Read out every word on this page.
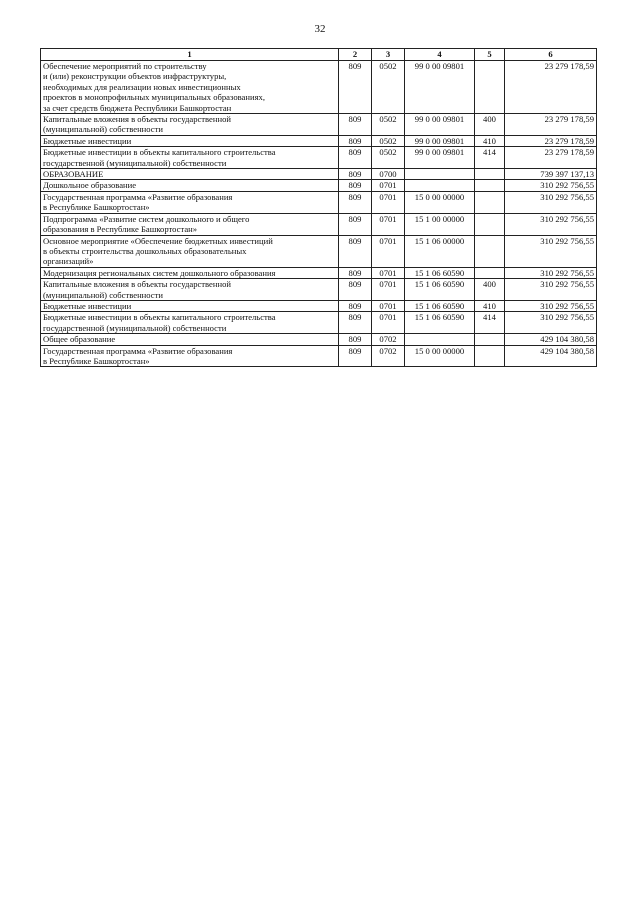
32
1	2	3	4	5	6
Обеспечение мероприятий по строительству
и (или) реконструкции объектов инфраструктуры,
необходимых для реализации новых инвестиционных
проектов в монопрофильных муниципальных образованиях,
за счет средств бюджета Республики Башкортостан	809	0502	99 0 00 09801		23 279 178,59
Капитальные вложения в объекты государственной
(муниципальной) собственности	809	0502	99 0 00 09801	400	23 279 178,59
Бюджетные инвестиции	809	0502	99 0 00 09801	410	23 279 178,59
Бюджетные инвестиции в объекты капитального строительства
государственной (муниципальной) собственности	809	0502	99 0 00 09801	414	23 279 178,59
ОБРАЗОВАНИЕ	809	0700			739 397 137,13
Дошкольное образование	809	0701			310 292 756,55
Государственная программа «Развитие образования
в Республике Башкортостан»	809	0701	15 0 00 00000		310 292 756,55
Подпрограмма «Развитие систем дошкольного и общего
образования в Республике Башкортостан»	809	0701	15 1 00 00000		310 292 756,55
Основное мероприятие «Обеспечение бюджетных инвестиций
в объекты строительства дошкольных образовательных
организаций»	809	0701	15 1 06 00000		310 292 756,55
Модернизация региональных систем дошкольного образования	809	0701	15 1 06 60590		310 292 756,55
Капитальные вложения в объекты государственной
(муниципальной) собственности	809	0701	15 1 06 60590	400	310 292 756,55
Бюджетные инвестиции	809	0701	15 1 06 60590	410	310 292 756,55
Бюджетные инвестиции в объекты капитального строительства
государственной (муниципальной) собственности	809	0701	15 1 06 60590	414	310 292 756,55
Общее образование	809	0702			429 104 380,58
Государственная программа «Развитие образования
в Республике Башкортостан»	809	0702	15 0 00 00000		429 104 380,58
